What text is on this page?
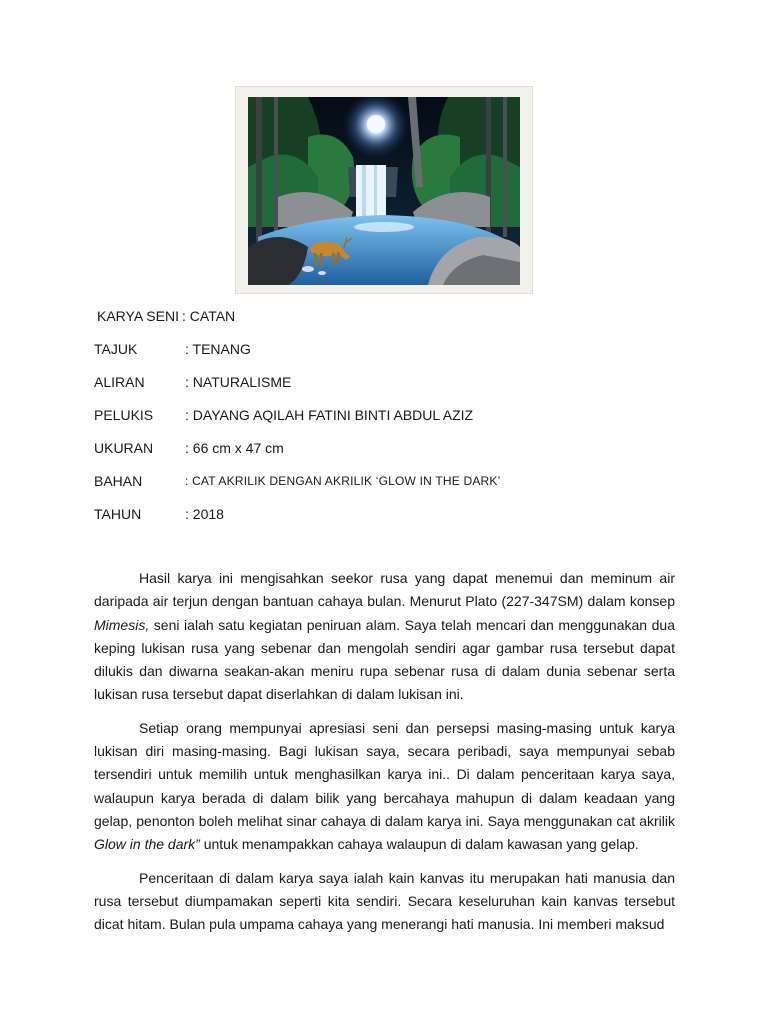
KARYA SENI : CATAN
TAJUK	: TENANG
ALIRAN	: NATURALISME
PELUKIS : DAYANG AQILAH FATINI BINTI ABDUL AZIZ
UKURAN : 66 cm x 47 cm
BAHAN	: CAT AKRILIK DENGAN AKRILIK ‘GLOW IN THE DARK’
TAHUN	: 2018

Hasil karya ini mengisahkan seekor rusa yang dapat menemui dan meminum air daripada air terjun dengan bantuan cahaya bulan. Menurut Plato (227-347SM) dalam konsep Mimesis, seni ialah satu kegiatan peniruan alam. Saya telah mencari dan menggunakan dua keping lukisan rusa yang sebenar dan mengolah sendiri agar gambar rusa tersebut dapat dilukis dan diwarna seakan-akan meniru rupa sebenar rusa di dalam dunia sebenar serta lukisan rusa tersebut dapat diserlahkan di dalam lukisan ini.

Setiap orang mempunyai apresiasi seni dan persepsi masing-masing untuk karya lukisan diri masing-masing. Bagi lukisan saya, secara peribadi, saya mempunyai sebab tersendiri untuk memilih untuk menghasilkan karya ini.. Di dalam penceritaan karya saya, walaupun karya berada di dalam bilik yang bercahaya mahupun di dalam keadaan yang gelap, penonton boleh melihat sinar cahaya di dalam karya ini. Saya menggunakan cat akrilik Glow in the dark” untuk menampakkan cahaya walaupun di dalam kawasan yang gelap.

Penceritaan di dalam karya saya ialah kain kanvas itu merupakan hati manusia dan rusa tersebut diumpamakan seperti kita sendiri. Secara keseluruhan kain kanvas tersebut dicat hitam. Bulan pula umpama cahaya yang menerangi hati manusia. Ini memberi maksud
